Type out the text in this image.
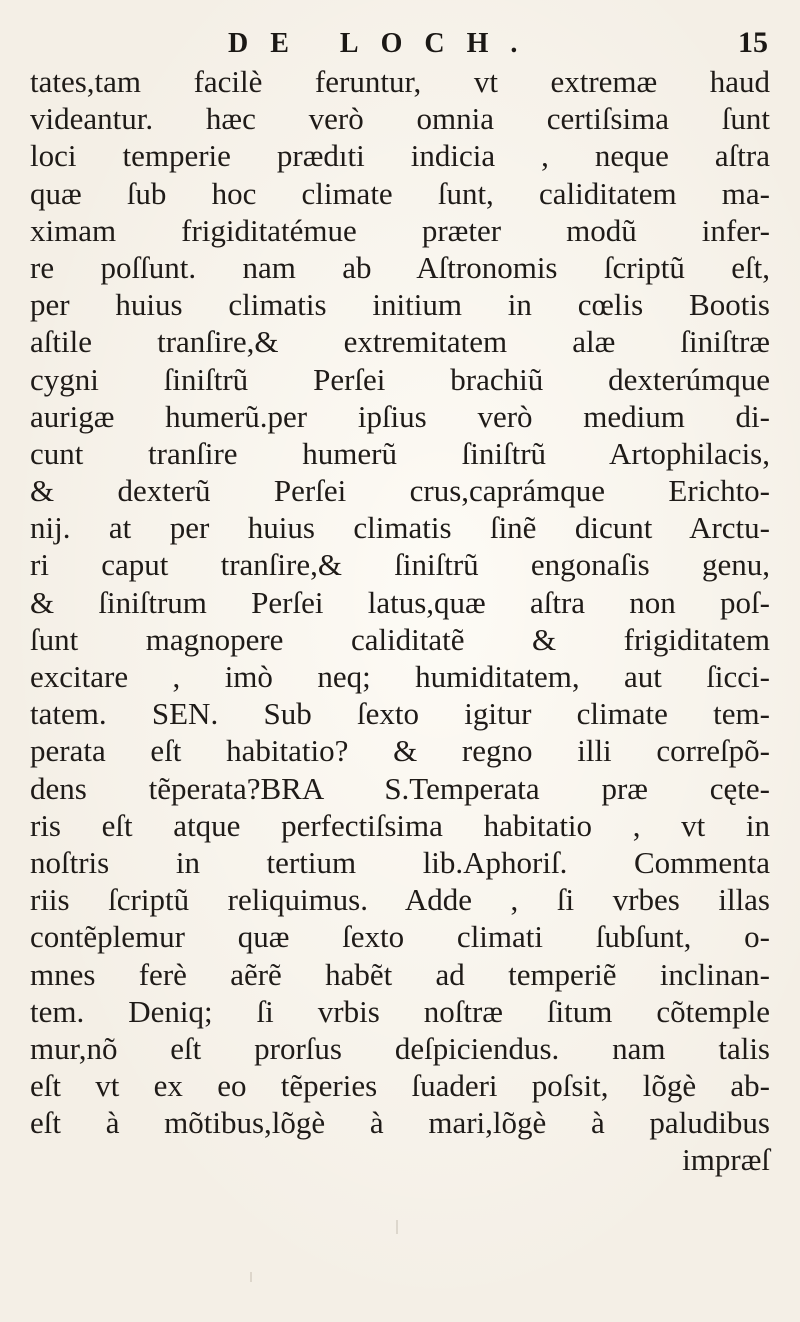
DE LOCH.	15
tates,tam facilè feruntur, vt extremæ haud
videantur. hæc verò omnia certiſsima ſunt
loci temperie prædıti indicia , neque aſtra
quæ ſub hoc climate ſunt, caliditatem ma-
ximam frigiditatémue præter modũ infer-
re poſſunt. nam ab Aſtronomis ſcriptũ eſt,
per huius climatis initium in cœlis Bootis
aſtile tranſire,& extremitatem alæ ſiniſtræ
cygni ſiniſtrũ Perſei brachiũ dexterúmque
aurigæ humerũ.per ipſius verò medium di-
cunt tranſire humerũ ſiniſtrũ Artophilacis,
& dexterũ Perſei crus,caprámque Erichto-
nij. at per huius climatis ſinẽ dicunt Arctu-
ri caput tranſire,& ſiniſtrũ engonaſis genu,
& ſiniſtrum Perſei latus,quæ aſtra non poſ-
ſunt magnopere caliditatẽ & frigiditatem
excitare , imò neq; humiditatem, aut ſicci-
tatem. SEN. Sub ſexto igitur climate tem-
perata eſt habitatio? & regno illi correſpõ-
dens tẽperata?BRA S.Temperata præ cęte-
ris eſt atque perfectiſsima habitatio , vt in
noſtris in tertium lib.Aphoriſ. Commenta
riis ſcriptũ reliquimus. Adde , ſi vrbes illas
contẽplemur quæ ſexto climati ſubſunt, o-
mnes ferè aẽrẽ habẽt ad temperiẽ inclinan-
tem. Deniq; ſi vrbis noſtræ ſitum cõtemple
mur,nõ eſt prorſus deſpiciendus. nam talis
eſt vt ex eo tẽperies ſuaderi poſsit, lõgè ab-
eſt à mõtibus,lõgè à mari,lõgè à paludibus
impræſ
